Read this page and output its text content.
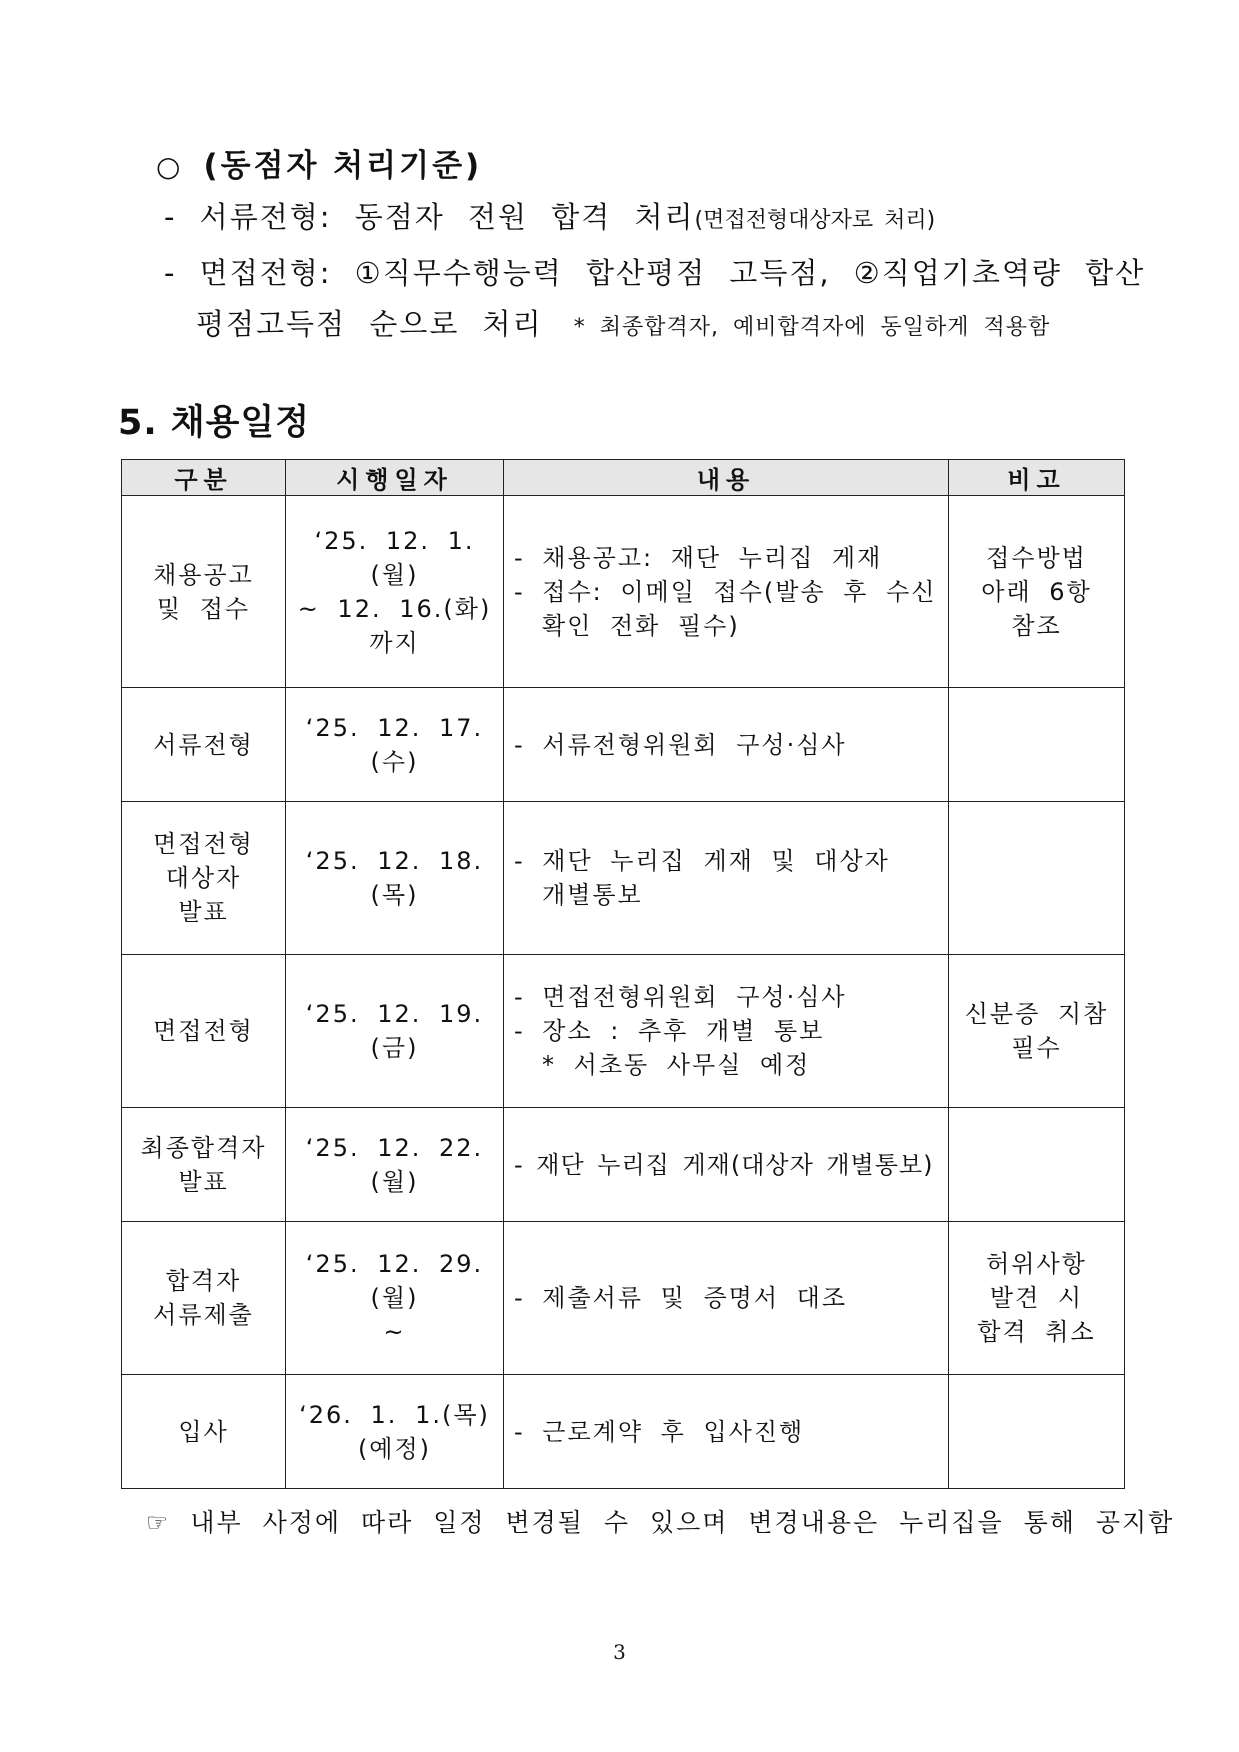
○ (동점자 처리기준)
- 서류전형: 동점자 전원 합격 처리(면접전형대상자로 처리)
- 면접전형: ①직무수행능력 합산평점 고득점, ②직업기초역량 합산
평점고득점 순으로 처리 * 최종합격자, 예비합격자에 동일하게 적용함
5. 채용일정
구분	시행일자	내용	비고

채용공고
및 접수	‘25. 12. 1.(월)
~ 12. 16.(화) 까지	- 채용공고: 재단 누리집 게재
- 접수: 이메일 접수(발송 후 수신
확인 전화 필수)	접수방법
아래 6항
참조

서류전형	‘25. 12. 17.(수)	- 서류전형위원회 구성·심사	

면접전형
대상자
발표	‘25. 12. 18.(목)	- 재단 누리집 게재 및 대상자
개별통보	

면접전형	‘25. 12. 19.(금)	- 면접전형위원회 구성·심사
- 장소 : 추후 개별 통보
* 서초동 사무실 예정	신분증 지참
필수

최종합격자
발표	‘25. 12. 22.(월)	- 재단 누리집 게재(대상자 개별통보)	

합격자
서류제출	‘25. 12. 29.(월)
~	- 제출서류 및 증명서 대조	허위사항
발견 시
합격 취소

입사	‘26. 1. 1.(목)
(예정)	- 근로계약 후 입사진행	

☞ 내부 사정에 따라 일정 변경될 수 있으며 변경내용은 누리집을 통해 공지함
3
